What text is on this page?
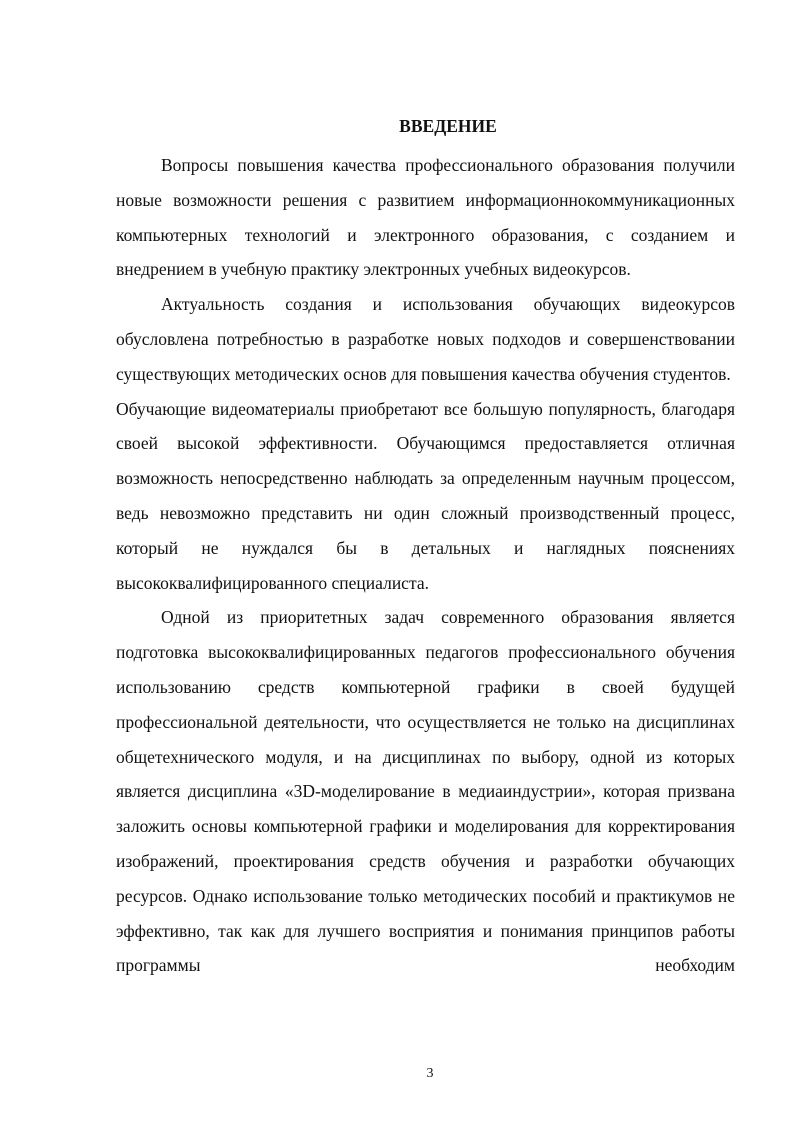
ВВЕДЕНИЕ

Вопросы повышения качества профессионального образования получили новые возможности решения с развитием информационнокоммуникационных компьютерных технологий и электронного образования, с созданием и внедрением в учебную практику электронных учебных видеокурсов.

Актуальность создания и использования обучающих видеокурсов обусловлена потребностью в разработке новых подходов и совершенствовании существующих методических основ для повышения качества обучения студентов.

Обучающие видеоматериалы приобретают все большую популярность, благодаря своей высокой эффективности. Обучающимся предоставляется отличная возможность непосредственно наблюдать за определенным научным процессом, ведь невозможно представить ни один сложный производственный процесс, который не нуждался бы в детальных и наглядных пояснениях высококвалифицированного специалиста.

Одной из приоритетных задач современного образования является подготовка высококвалифицированных педагогов профессионального обучения использованию средств компьютерной графики в своей будущей профессиональной деятельности, что осуществляется не только на дисциплинах общетехнического модуля, и на дисциплинах по выбору, одной из которых является дисциплина «3D-моделирование в медиаиндустрии», которая призвана заложить основы компьютерной графики и моделирования для корректирования изображений, проектирования средств обучения и разработки обучающих ресурсов. Однако использование только методических пособий и практикумов не эффективно, так как для лучшего восприятия и понимания принципов работы программы необходим

3
